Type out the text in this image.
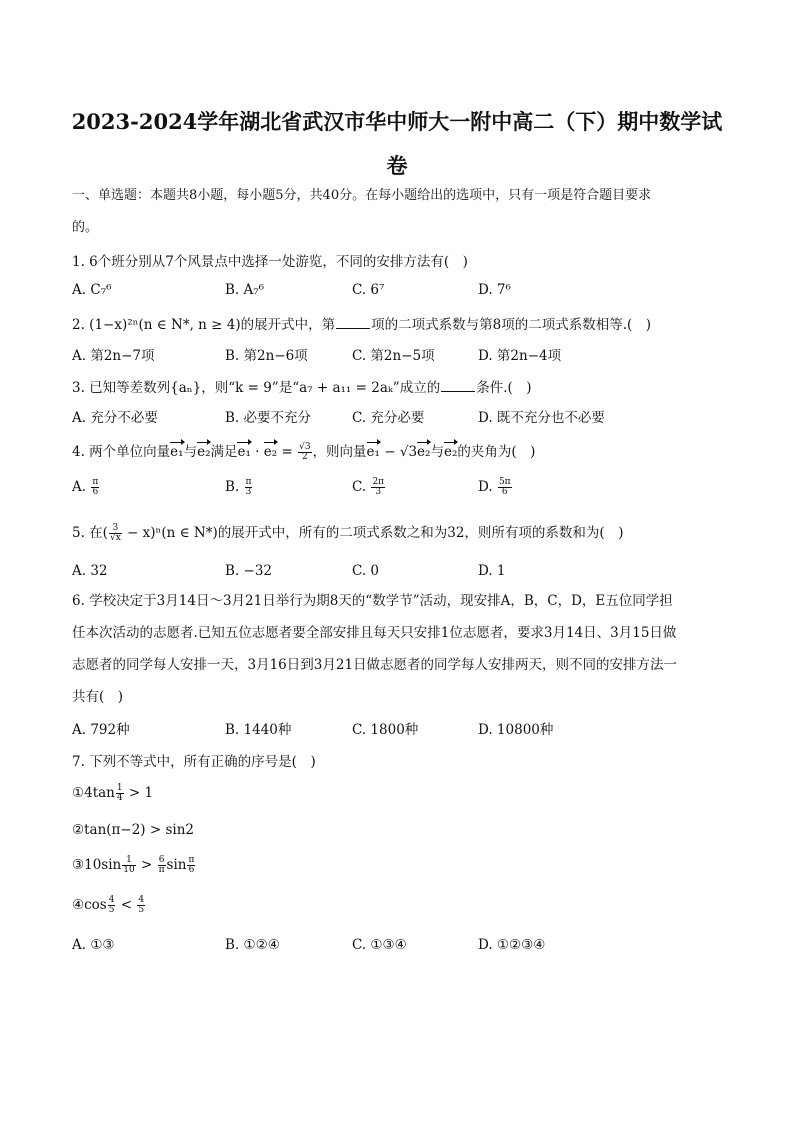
2023-2024学年湖北省武汉市华中师大一附中高二（下）期中数学试
卷
一、单选题：本题共8小题，每小题5分，共40分。在每小题给出的选项中，只有一项是符合题目要求
的。
1. 6个班分别从7个风景点中选择一处游览，不同的安排方法有(　)
A. C₇⁶	B. A₇⁶	C. 6⁷	D. 7⁶
2. (1−x)²ⁿ(n ∈ N*, n ≥ 4)的展开式中，第	项的二项式系数与第8项的二项式系数相等.(　)
A. 第2n−7项	B. 第2n−6项	C. 第2n−5项	D. 第2n−4项
3. 已知等差数列{aₙ}，则“k = 9”是“a₇ + a₁₁ = 2aₖ”成立的	条件.(　)
A. 充分不必要	B. 必要不充分	C. 充分必要	D. 既不充分也不必要
4. 两个单位向量e₁与e₂满足$e_1 \cdot e_2 = \frac{√3}{2}$ ，则向量e₁ − √3e₂与e₂的夹角为(　)
A. $\frac{\pi}{6}$	B. $\frac{\pi}{3}$	C. $\frac{2\pi}{3}$	D. $\frac{5\pi}{6}$
5. 在( $\frac{3}{√x} - x)^n(n$ ∈ N*)的展开式中，所有的二项式系数之和为32，则所有项的系数和为(　)
A. 32	B. −32	C. 0	D. 1
6. 学校决定于3月14日～3月21日举行为期8天的“数学节”活动，现安排A，B，C，D，E五位同学担
任本次活动的志愿者.已知五位志愿者要全部安排且每天只安排1位志愿者，要求3月14日、3月15日做
志愿者的同学每人安排一天，3月16日到3月21日做志愿者的同学每人安排两天，则不同的安排方法一
共有(　)
A. 792种	B. 1440种	C. 1800种	D. 10800种
7. 下列不等式中，所有正确的序号是(　)
①4tan $\frac{1}{4} > 1$
②tan(π−2) > sin2
③10sin $\frac{1}{10} > \frac{6}{\pi}$ $\sin \frac{\pi}{6}$
④cos $\frac{4}{5} < \frac{4}{5}$
A. ①③	B. ①②④	C. ①③④	D. ①②③④
